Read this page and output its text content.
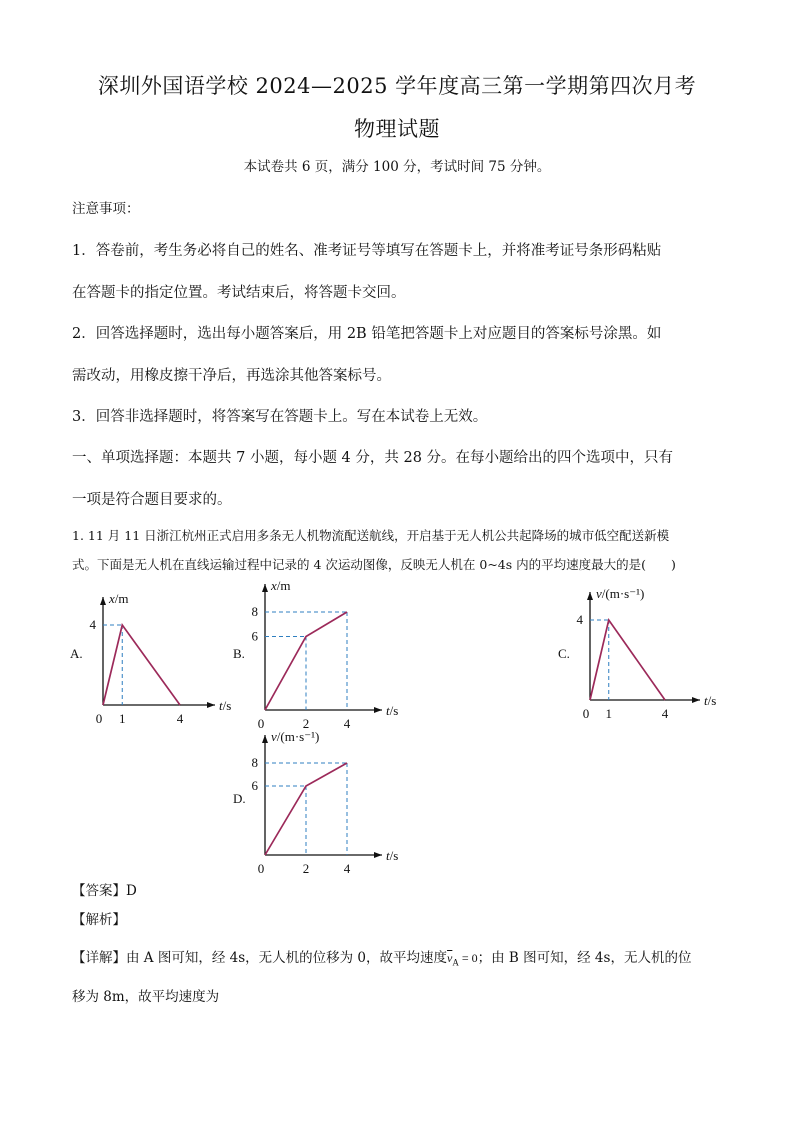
深圳外国语学校 2024—2025 学年度高三第一学期第四次月考
物理试题
本试卷共 6 页，满分 100 分，考试时间 75 分钟。
注意事项：
1．答卷前，考生务必将自己的姓名、准考证号等填写在答题卡上，并将准考证号条形码粘贴
在答题卡的指定位置。考试结束后，将答题卡交回。
2．回答选择题时，选出每小题答案后，用 2B 铅笔把答题卡上对应题目的答案标号涂黑。如
需改动，用橡皮擦干净后，再选涂其他答案标号。
3．回答非选择题时，将答案写在答题卡上。写在本试卷上无效。
一、单项选择题：本题共 7 小题，每小题 4 分，共 28 分。在每小题给出的四个选项中，只有
一项是符合题目要求的。
1. 11 月 11 日浙江杭州正式启用多条无人机物流配送航线，开启基于无人机公共起降场的城市低空配送新模
式。下面是无人机在直线运输过程中记录的 4 次运动图像，反映无人机在 0~4s 内的平均速度最大的是(　　)
A.
t/s
x/m
0 1	4
4
B.
t/s
x/m
0	2	4
6
8
C.
t/s
v/(m·s⁻¹)
0 1	4
4
D.
t/s
v/(m·s⁻¹)
0	2	4
6
8
【答案】D
【解析】
【详解】由 A 图可知，经 4s，无人机的位移为 0，故平均速度$\overline{v}_A = 0$；由 B 图可知，经 4s，无人机的位
移为 8m，故平均速度为
